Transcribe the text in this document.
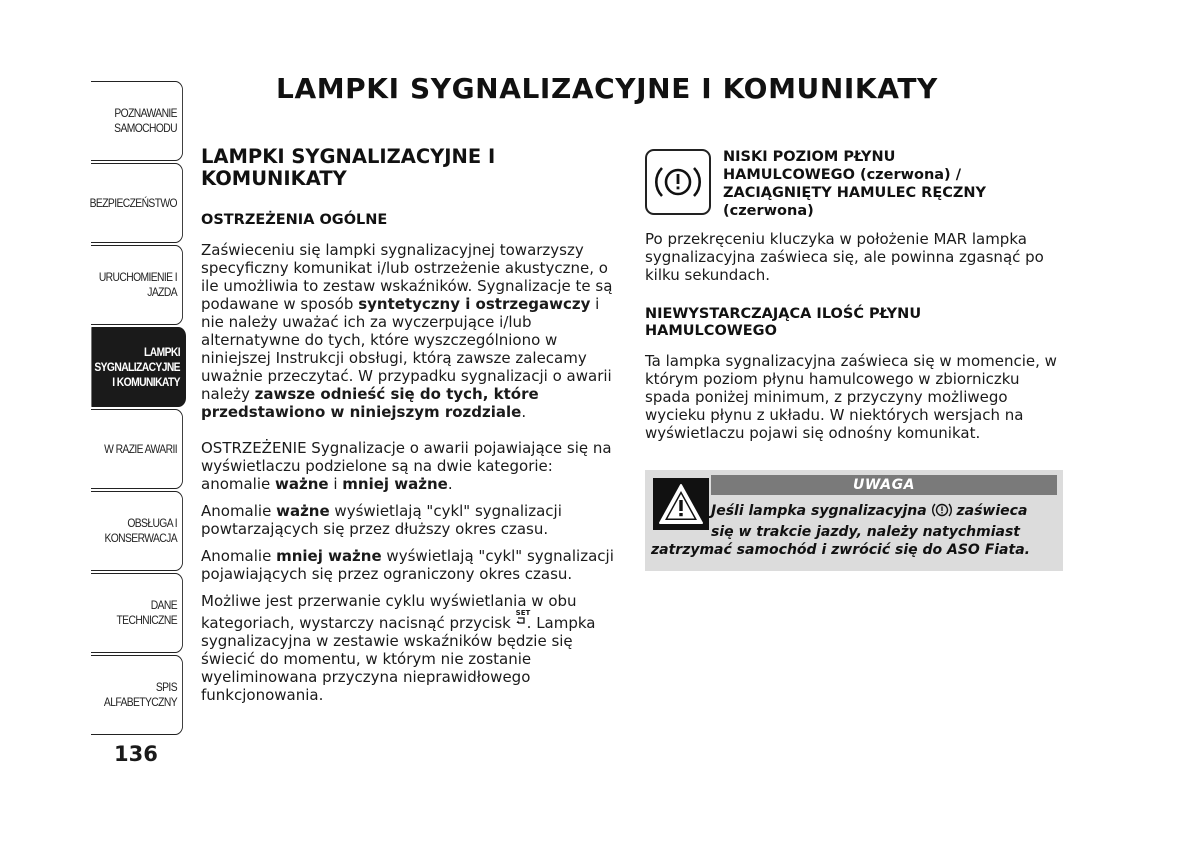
POZNAWANIE
SAMOCHODU
BEZPIECZEŃSTWO
URUCHOMIENIE I
JAZDA
LAMPKI
SYGNALIZACYJNE
I KOMUNIKATY
W RAZIE AWARII
OBSŁUGA I
KONSERWACJA
DANE TECHNICZNE
SPIS ALFABETYCZNY
136
LAMPKI SYGNALIZACYJNE I KOMUNIKATY
LAMPKI SYGNALIZACYJNE I
KOMUNIKATY
OSTRZEŻENIA OGÓLNE

Zaświeceniu się lampki sygnalizacyjnej towarzyszy specyficzny komunikat i/lub ostrzeżenie akustyczne, o ile umożliwia to zestaw wskaźników. Sygnalizacje te są podawane w sposób syntetyczny i ostrzegawczy i nie należy uważać ich za wyczerpujące i/lub alternatywne do tych, które wyszczególniono w niniejszej Instrukcji obsługi, którą zawsze zalecamy uważnie przeczytać. W przypadku sygnalizacji o awarii należy zawsze odnieść się do tych, które przedstawiono w niniejszym rozdziale.

OSTRZEŻENIE Sygnalizacje o awarii pojawiające się na wyświetlaczu podzielone są na dwie kategorie: anomalie ważne i mniej ważne.

Anomalie ważne wyświetlają "cykl" sygnalizacji powtarzających się przez dłuższy okres czasu.

Anomalie mniej ważne wyświetlają "cykl" sygnalizacji pojawiających się przez ograniczony okres czasu.

Możliwe jest przerwanie cyklu wyświetlania w obu kategoriach, wystarczy nacisnąć przycisk SET
. Lampka sygnalizacyjna w zestawie wskaźników będzie się świecić do momentu, w którym nie zostanie wyeliminowana przyczyna nieprawidłowego funkcjonowania.

NISKI POZIOM PŁYNU
HAMULCOWEGO (czerwona) /
ZACIĄGNIĘTY HAMULEC RĘCZNY
(czerwona)

Po przekręceniu kluczyka w położenie MAR lampka sygnalizacyjna zaświeca się, ale powinna zgasnąć po kilku sekundach.

NIEWYSTARCZAJĄCA ILOŚĆ PŁYNU
HAMULCOWEGO

Ta lampka sygnalizacyjna zaświeca się w momencie, w którym poziom płynu hamulcowego w zbiorniczku spada poniżej minimum, z przyczyny możliwego wycieku płynu z układu. W niektórych wersjach na wyświetlaczu pojawi się odnośny komunikat.

UWAGA
Jeśli lampka sygnalizacyjna  zaświeca
się w trakcie jazdy, należy natychmiast
zatrzymać samochód i zwrócić się do ASO Fiata.
